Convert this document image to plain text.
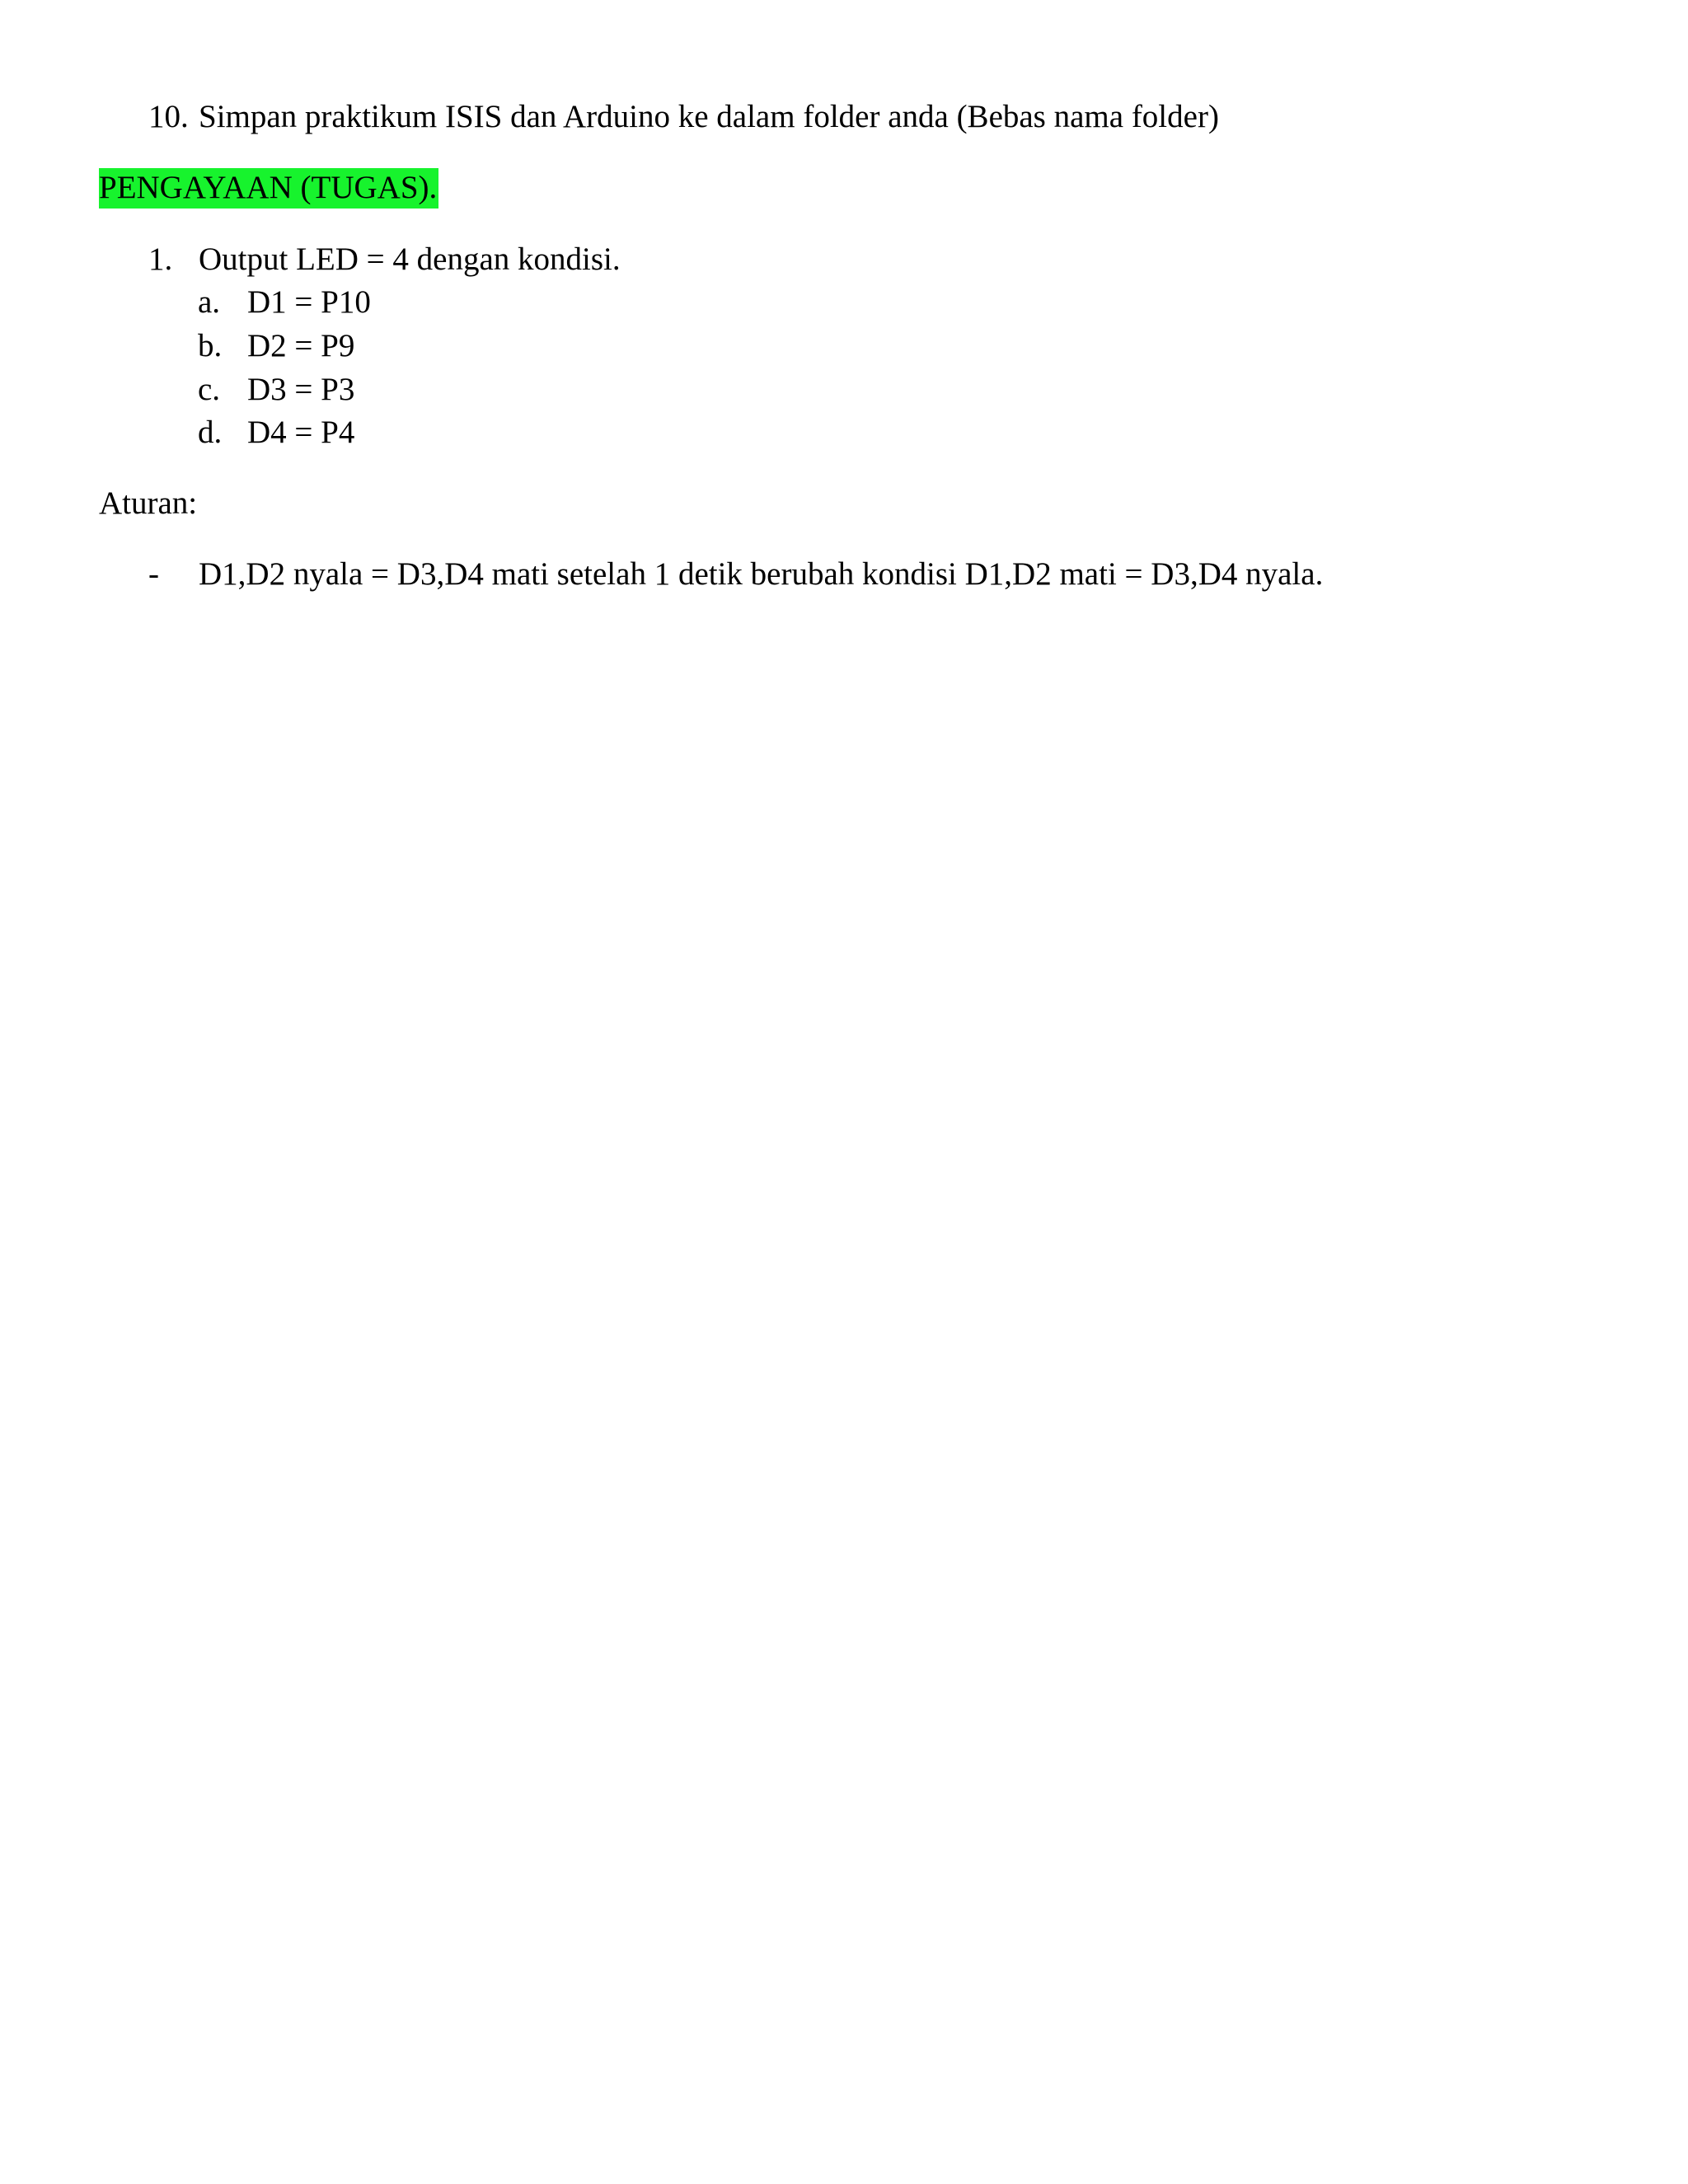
10. Simpan praktikum ISIS dan Arduino ke dalam folder anda (Bebas nama folder)
PENGAYAAN (TUGAS).
1. Output LED = 4 dengan kondisi.
a. D1 = P10
b. D2 = P9
c. D3 = P3
d. D4 = P4
Aturan:
- D1,D2 nyala = D3,D4 mati setelah 1 detik berubah kondisi D1,D2 mati = D3,D4 nyala.
